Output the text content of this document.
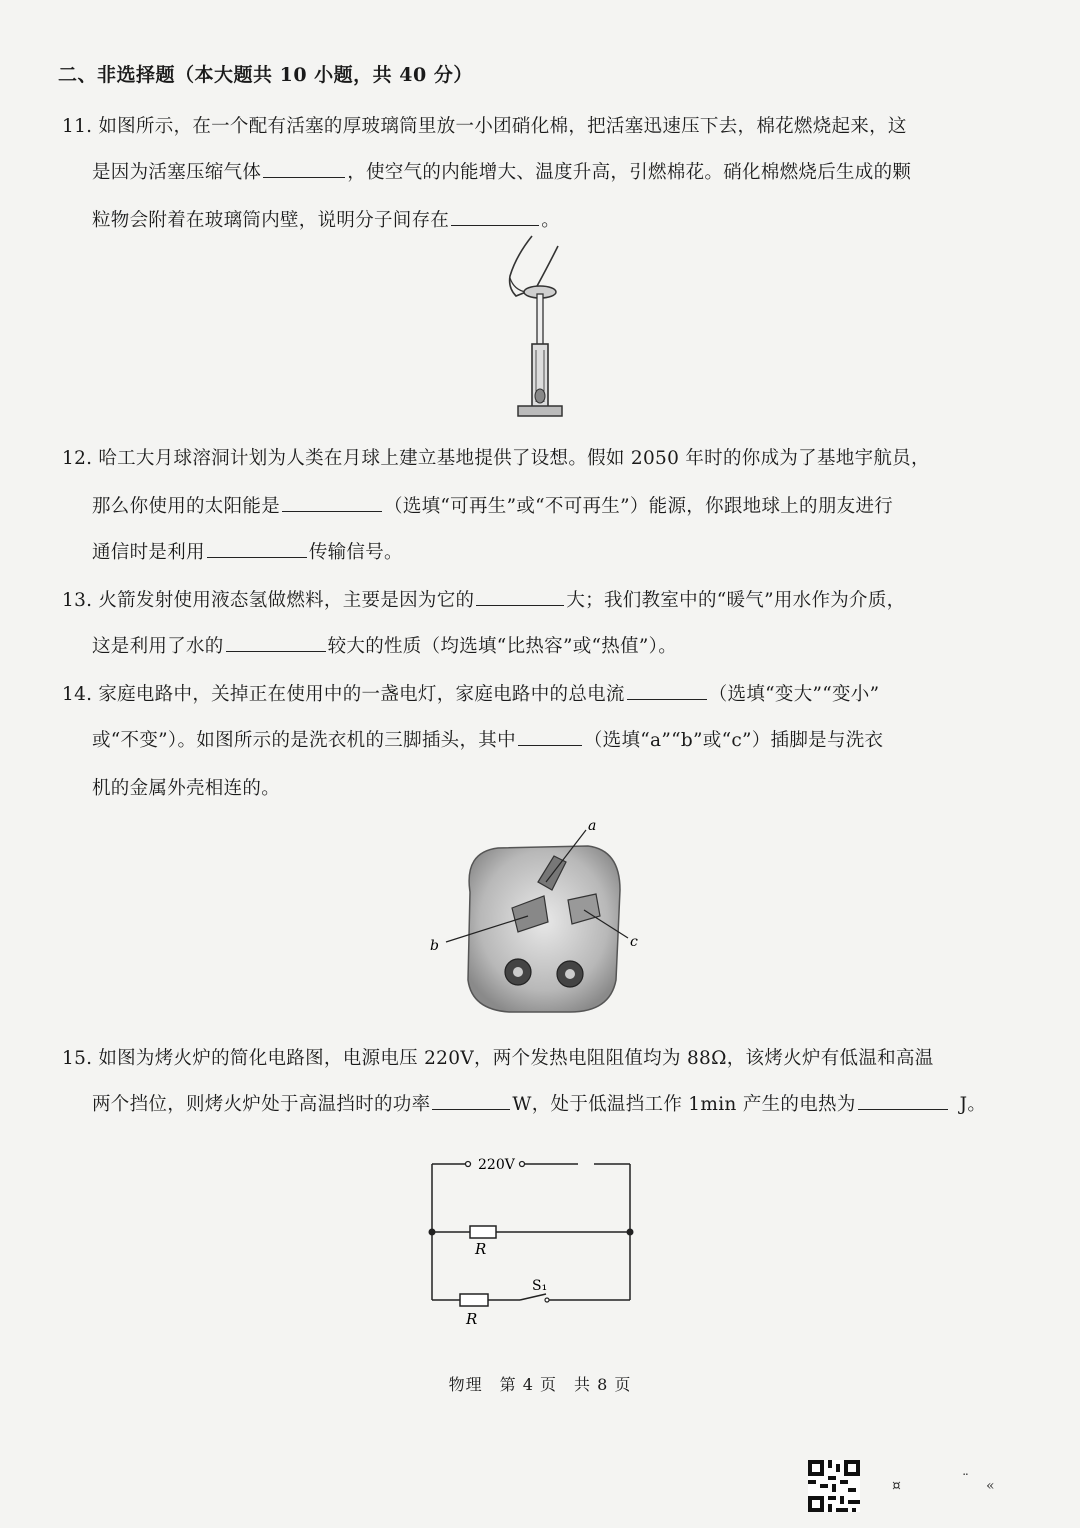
二、非选择题（本大题共 10 小题，共 40 分）
11. 如图所示，在一个配有活塞的厚玻璃筒里放一小团硝化棉，把活塞迅速压下去，棉花燃烧起来，这
是因为活塞压缩气体	，使空气的内能增大、温度升高，引燃棉花。硝化棉燃烧后生成的颗
粒物会附着在玻璃筒内壁，说明分子间存在	。
12. 哈工大月球溶洞计划为人类在月球上建立基地提供了设想。假如 2050 年时的你成为了基地宇航员，
那么你使用的太阳能是	（选填“可再生”或“不可再生”）能源，你跟地球上的朋友进行
通信时是利用	传输信号。
13. 火箭发射使用液态氢做燃料，主要是因为它的	大；我们教室中的“暖气”用水作为介质，
这是利用了水的	较大的性质（均选填“比热容”或“热值”）。
14. 家庭电路中，关掉正在使用中的一盏电灯，家庭电路中的总电流	（选填“变大”“变小”
或“不变”）。如图所示的是洗衣机的三脚插头，其中	（选填“a”“b”或“c”）插脚是与洗衣
机的金属外壳相连的。
a
b	c
15. 如图为烤火炉的简化电路图，电源电压 220V，两个发热电阻阻值均为 88Ω，该烤火炉有低温和高温
两个挡位，则烤火炉处于高温挡时的功率	W，处于低温挡工作 1min 产生的电热为	J。
220V
R
R
S₁
物理　第 4 页　共 8 页
¤	¨ «
